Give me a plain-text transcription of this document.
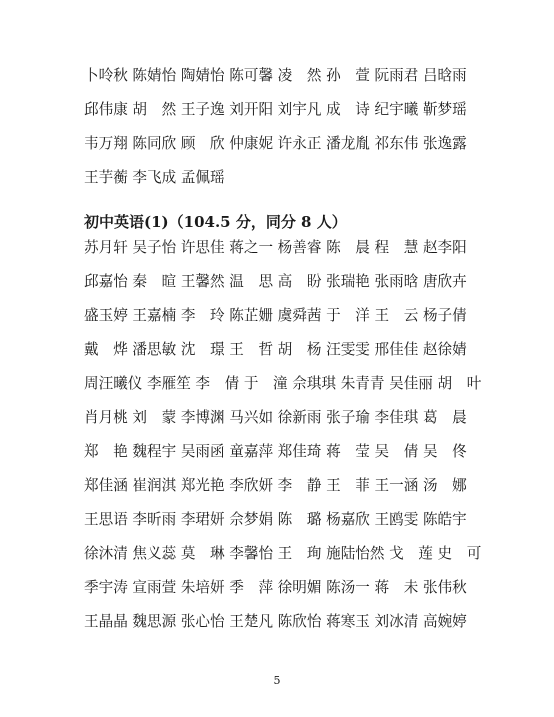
卜呤秋 陈婧怡 陶婧怡 陈可馨 凌　然 孙　萱 阮雨君 吕晗雨
邱伟康 胡　然 王子逸 刘开阳 刘宇凡 成　诗 纪宇曦 靳梦瑶
韦万翔 陈同欣 顾　欣 仲康妮 许永正 潘龙胤 祁东伟 张逸露
王芋蘅 李飞成 孟佩瑶
初中英语(1)（104.5 分，同分 8 人）
苏月轩 吴子怡 许思佳 蒋之一 杨善睿 陈　晨 程　慧 赵李阳
邱嘉怡 秦　暄 王馨然 温　思 高　盼 张瑞艳 张雨晗 唐欣卉
盛玉婷 王嘉楠 李　玲 陈芷姗 虞舜茜 于　洋 王　云 杨子倩
戴　烨 潘思敏 沈　璟 王　哲 胡　杨 汪雯雯 邢佳佳 赵徐婧
周汪曦仪 李雁笙 李　倩 于　潼 佘琪琪 朱青青 吴佳丽 胡　叶
肖月桃 刘　蒙 李博渊 马兴如 徐新雨 张子瑜 李佳琪 葛　晨
郑　艳 魏程宇 吴雨函 童嘉萍 郑佳琦 蒋　莹 吴　倩 吴　佟
郑佳涵 崔润淇 郑光艳 李欣妍 李　静 王　菲 王一涵 汤　娜
王思语 李昕雨 李珺妍 佘梦娟 陈　璐 杨嘉欣 王鸥雯 陈皓宇
徐沐清 焦义蕊 莫　琳 李馨怡 王　珣 施陆怡然 戈　莲 史　可
季宇涛 宣雨萱 朱培妍 季　萍 徐明媚 陈汤一 蒋　未 张伟秋
王晶晶 魏思源 张心怡 王楚凡 陈欣怡 蒋寒玉 刘冰清 高婉婷
5
